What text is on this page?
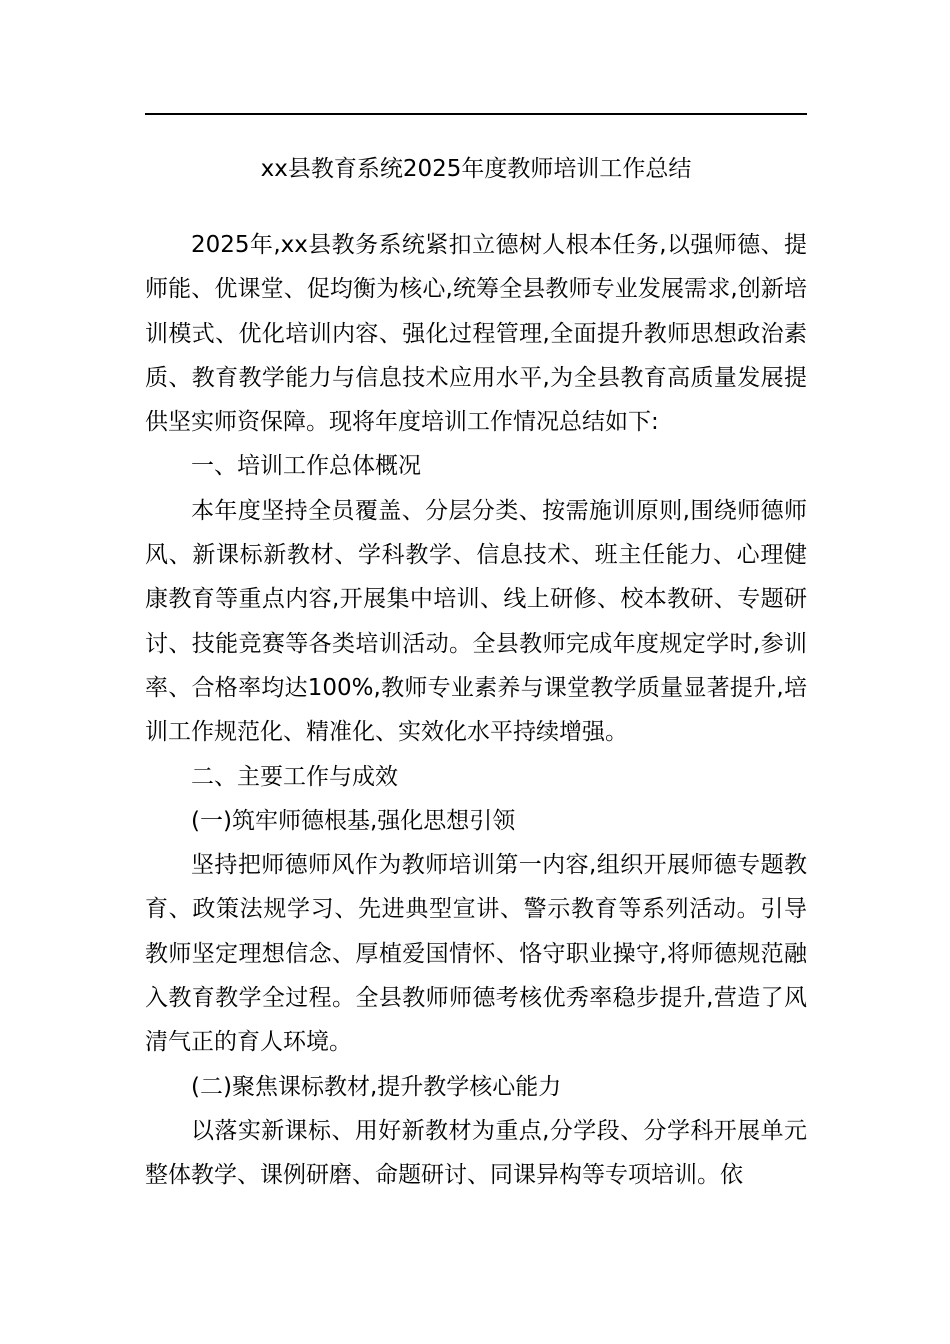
xx县教育系统2025年度教师培训工作总结

2025年,xx县教务系统紧扣立德树人根本任务,以强师德、提师能、优课堂、促均衡为核心,统筹全县教师专业发展需求,创新培训模式、优化培训内容、强化过程管理,全面提升教师思想政治素质、教育教学能力与信息技术应用水平,为全县教育高质量发展提供坚实师资保障。现将年度培训工作情况总结如下:

一、培训工作总体概况

本年度坚持全员覆盖、分层分类、按需施训原则,围绕师德师风、新课标新教材、学科教学、信息技术、班主任能力、心理健康教育等重点内容,开展集中培训、线上研修、校本教研、专题研讨、技能竞赛等各类培训活动。全县教师完成年度规定学时,参训率、合格率均达100%,教师专业素养与课堂教学质量显著提升,培训工作规范化、精准化、实效化水平持续增强。

二、主要工作与成效

(一)筑牢师德根基,强化思想引领

坚持把师德师风作为教师培训第一内容,组织开展师德专题教育、政策法规学习、先进典型宣讲、警示教育等系列活动。引导教师坚定理想信念、厚植爱国情怀、恪守职业操守,将师德规范融入教育教学全过程。全县教师师德考核优秀率稳步提升,营造了风清气正的育人环境。

(二)聚焦课标教材,提升教学核心能力

以落实新课标、用好新教材为重点,分学段、分学科开展单元整体教学、课例研磨、命题研讨、同课异构等专项培训。依
